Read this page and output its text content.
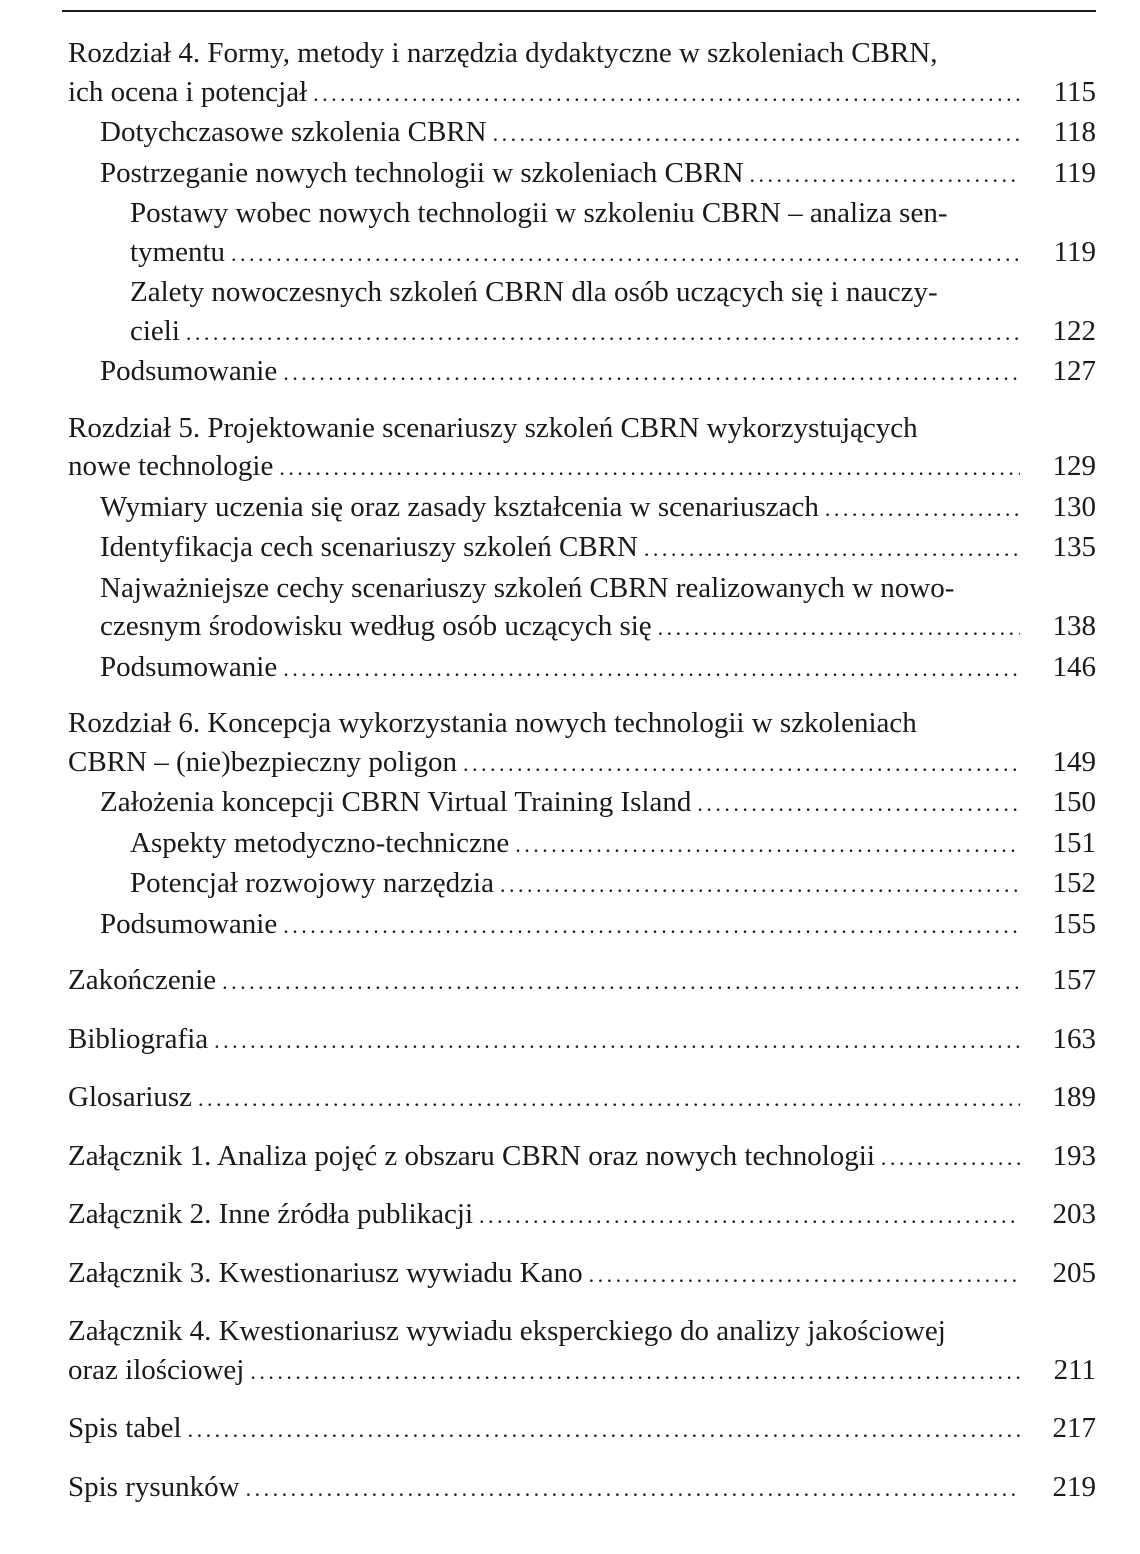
Rozdział 4. Formy, metody i narzędzia dydaktyczne w szkoleniach CBRN,
ich ocena i potencjał . . .	115
Dotychczasowe szkolenia CBRN . . .	118
Postrzeganie nowych technologii w szkoleniach CBRN . . .	119
Postawy wobec nowych technologii w szkoleniu CBRN – analiza sen-
tymentu . . .	119
Zalety nowoczesnych szkoleń CBRN dla osób uczących się i nauczy-
cieli . . .	122
Podsumowanie . . .	127
Rozdział 5. Projektowanie scenariuszy szkoleń CBRN wykorzystujących
nowe technologie . . .	129
Wymiary uczenia się oraz zasady kształcenia w scenariuszach . . .	130
Identyfikacja cech scenariuszy szkoleń CBRN . . .	135
Najważniejsze cechy scenariuszy szkoleń CBRN realizowanych w nowo-
czesnym środowisku według osób uczących się . . .	138
Podsumowanie . . .	146
Rozdział 6. Koncepcja wykorzystania nowych technologii w szkoleniach
CBRN – (nie)bezpieczny poligon . . .	149
Założenia koncepcji CBRN Virtual Training Island . . .	150
Aspekty metodyczno-techniczne . . .	151
Potencjał rozwojowy narzędzia . . .	152
Podsumowanie . . .	155
Zakończenie . . .	157
Bibliografia . . .	163
Glosariusz . . .	189
Załącznik 1. Analiza pojęć z obszaru CBRN oraz nowych technologii . . .	193
Załącznik 2. Inne źródła publikacji . . .	203
Załącznik 3. Kwestionariusz wywiadu Kano . . .	205
Załącznik 4. Kwestionariusz wywiadu eksperckiego do analizy jakościowej
oraz ilościowej . . .	211
Spis tabel . . .	217
Spis rysunków . . .	219
